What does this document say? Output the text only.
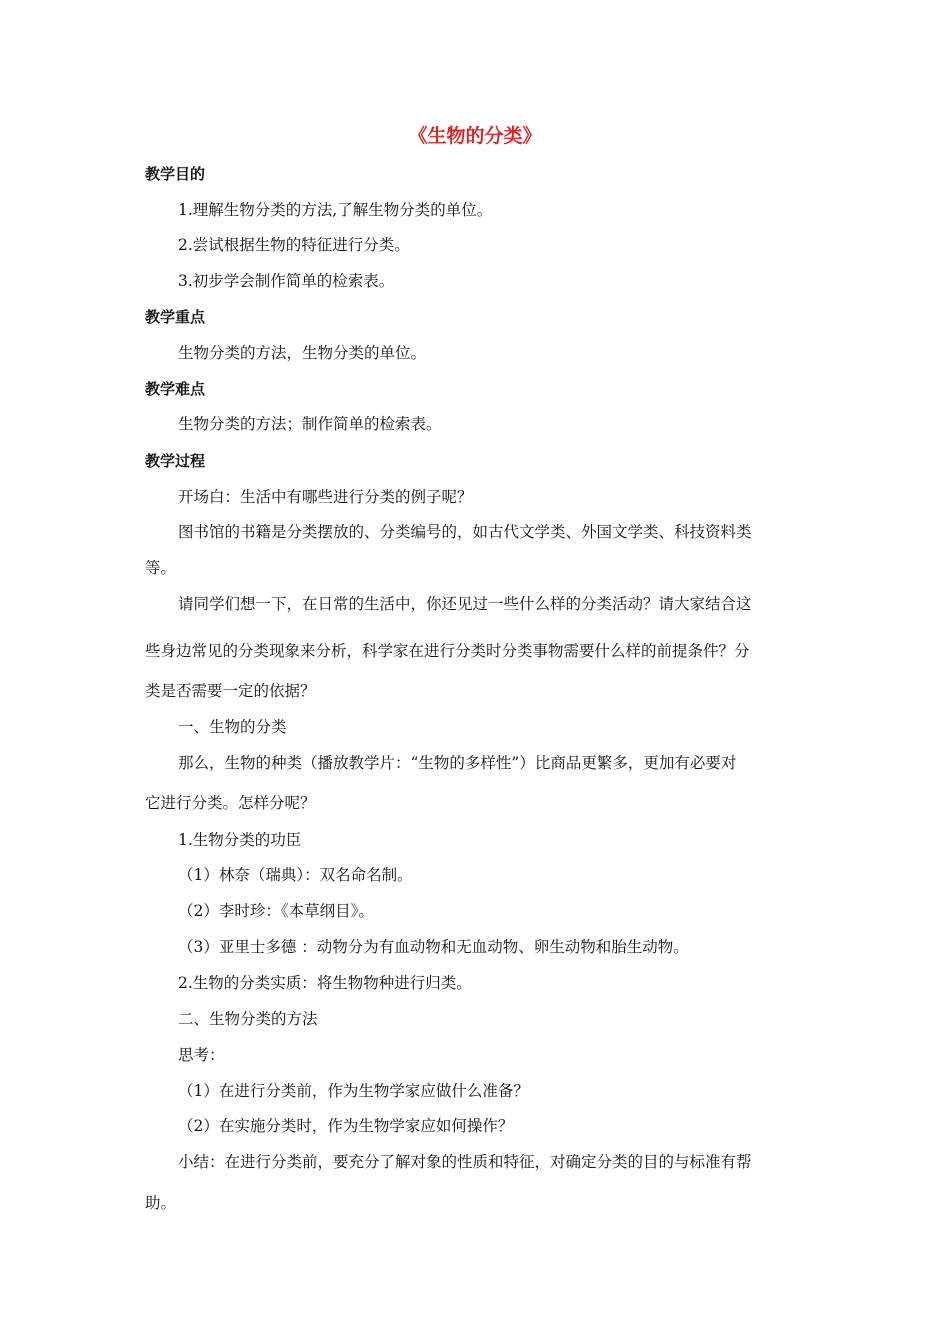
《生物的分类》
教学目的
1.理解生物分类的方法,了解生物分类的单位。
2.尝试根据生物的特征进行分类。
3.初步学会制作简单的检索表。
教学重点
生物分类的方法，生物分类的单位。
教学难点
生物分类的方法；制作简单的检索表。
教学过程
开场白：生活中有哪些进行分类的例子呢？
图书馆的书籍是分类摆放的、分类编号的，如古代文学类、外国文学类、科技资料类
等。
请同学们想一下，在日常的生活中，你还见过一些什么样的分类活动？请大家结合这
些身边常见的分类现象来分析，科学家在进行分类时分类事物需要什么样的前提条件？分
类是否需要一定的依据？
一、生物的分类
那么，生物的种类（播放教学片：“生物的多样性”）比商品更繁多，更加有必要对
它进行分类。怎样分呢？
1.生物分类的功臣
（1）林奈（瑞典）：双名命名制。
（2）李时珍：《本草纲目》。
（3）亚里士多德 ：动物分为有血动物和无血动物、卵生动物和胎生动物。
2.生物的分类实质：将生物物种进行归类。
二、生物分类的方法
思考：
（1）在进行分类前，作为生物学家应做什么准备？
（2）在实施分类时，作为生物学家应如何操作？
小结：在进行分类前，要充分了解对象的性质和特征，对确定分类的目的与标准有帮
助。
